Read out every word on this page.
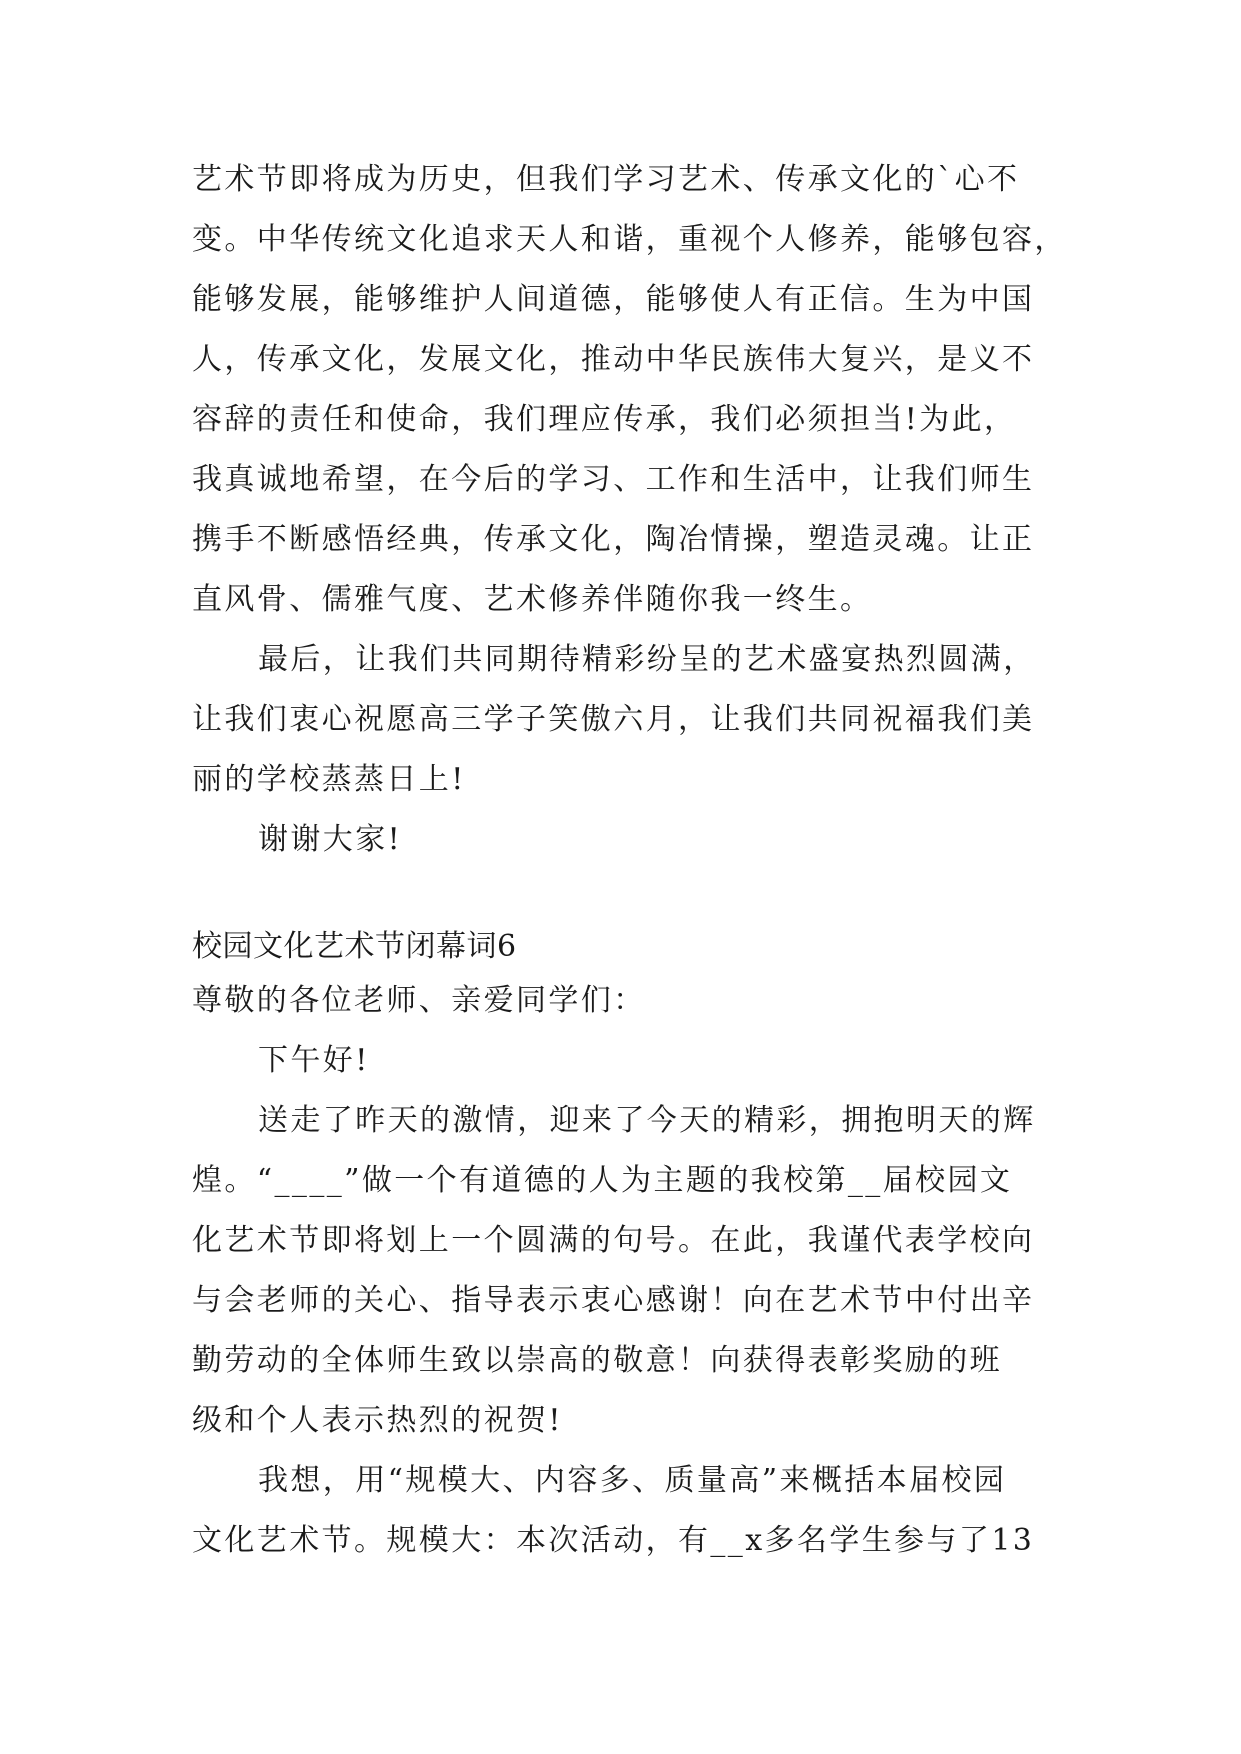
艺术节即将成为历史，但我们学习艺术、传承文化的`心不

变。中华传统文化追求天人和谐，重视个人修养，能够包容，

能够发展，能够维护人间道德，能够使人有正信。生为中国

人，传承文化，发展文化，推动中华民族伟大复兴，是义不

容辞的责任和使命，我们理应传承，我们必须担当!为此，

我真诚地希望，在今后的学习、工作和生活中，让我们师生

携手不断感悟经典，传承文化，陶冶情操，塑造灵魂。让正

直风骨、儒雅气度、艺术修养伴随你我一终生。

最后，让我们共同期待精彩纷呈的艺术盛宴热烈圆满，

让我们衷心祝愿高三学子笑傲六月，让我们共同祝福我们美

丽的学校蒸蒸日上!

谢谢大家!

校园文化艺术节闭幕词6

尊敬的各位老师、亲爱同学们：

下午好!

送走了昨天的激情，迎来了今天的精彩，拥抱明天的辉

煌。“____”做一个有道德的人为主题的我校第__届校园文

化艺术节即将划上一个圆满的句号。在此，我谨代表学校向

与会老师的关心、指导表示衷心感谢！向在艺术节中付出辛

勤劳动的全体师生致以崇高的敬意！向获得表彰奖励的班

级和个人表示热烈的祝贺!

我想，用“规模大、内容多、质量高”来概括本届校园

文化艺术节。规模大：本次活动，有__x多名学生参与了13
